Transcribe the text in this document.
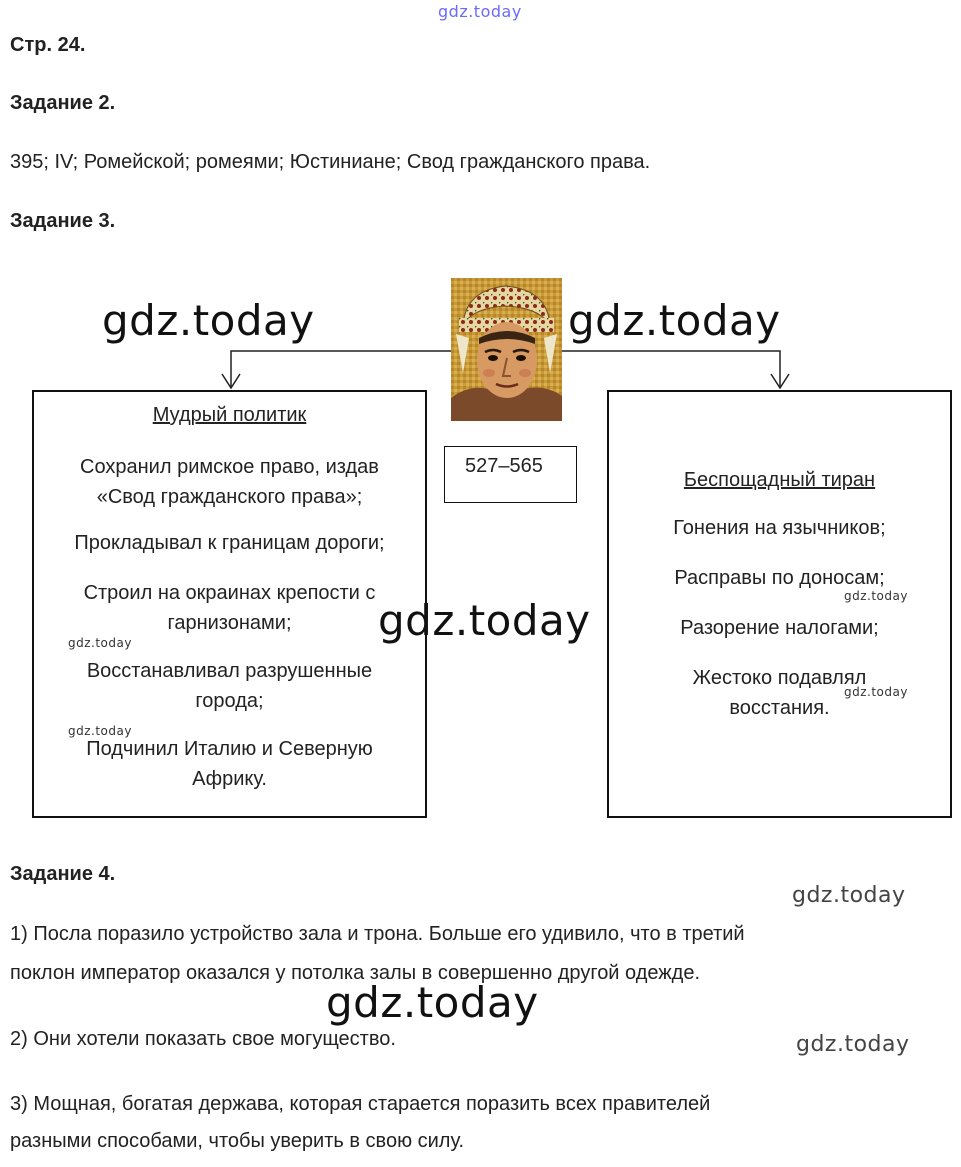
gdz.today
Стр. 24.
Задание 2.
395; IV; Ромейской; ромеями; Юстиниане; Свод гражданского права.
Задание 3.
527–565
Мудрый политик
Сохранил римское право, издав «Свод гражданского права»;
Прокладывал к границам дороги;
Строил на окраинах крепости с гарнизонами;
Восстанавливал разрушенные города;
Подчинил Италию и Северную Африку.
Беспощадный тиран
Гонения на язычников;
Расправы по доносам;
Разорение налогами;
Жестоко подавлял восстания.
gdz.today	gdz.today
gdz.today
gdz.today
gdz.today
gdz.today
gdz.today
Задание 4.
gdz.today
1) Посла поразило устройство зала и трона. Больше его удивило, что в третий
поклон император оказался у потолка залы в совершенно другой одежде.
gdz.today
2) Они хотели показать свое могущество.	gdz.today
3) Мощная, богатая держава, которая старается поразить всех правителей
разными способами, чтобы уверить в свою силу.
